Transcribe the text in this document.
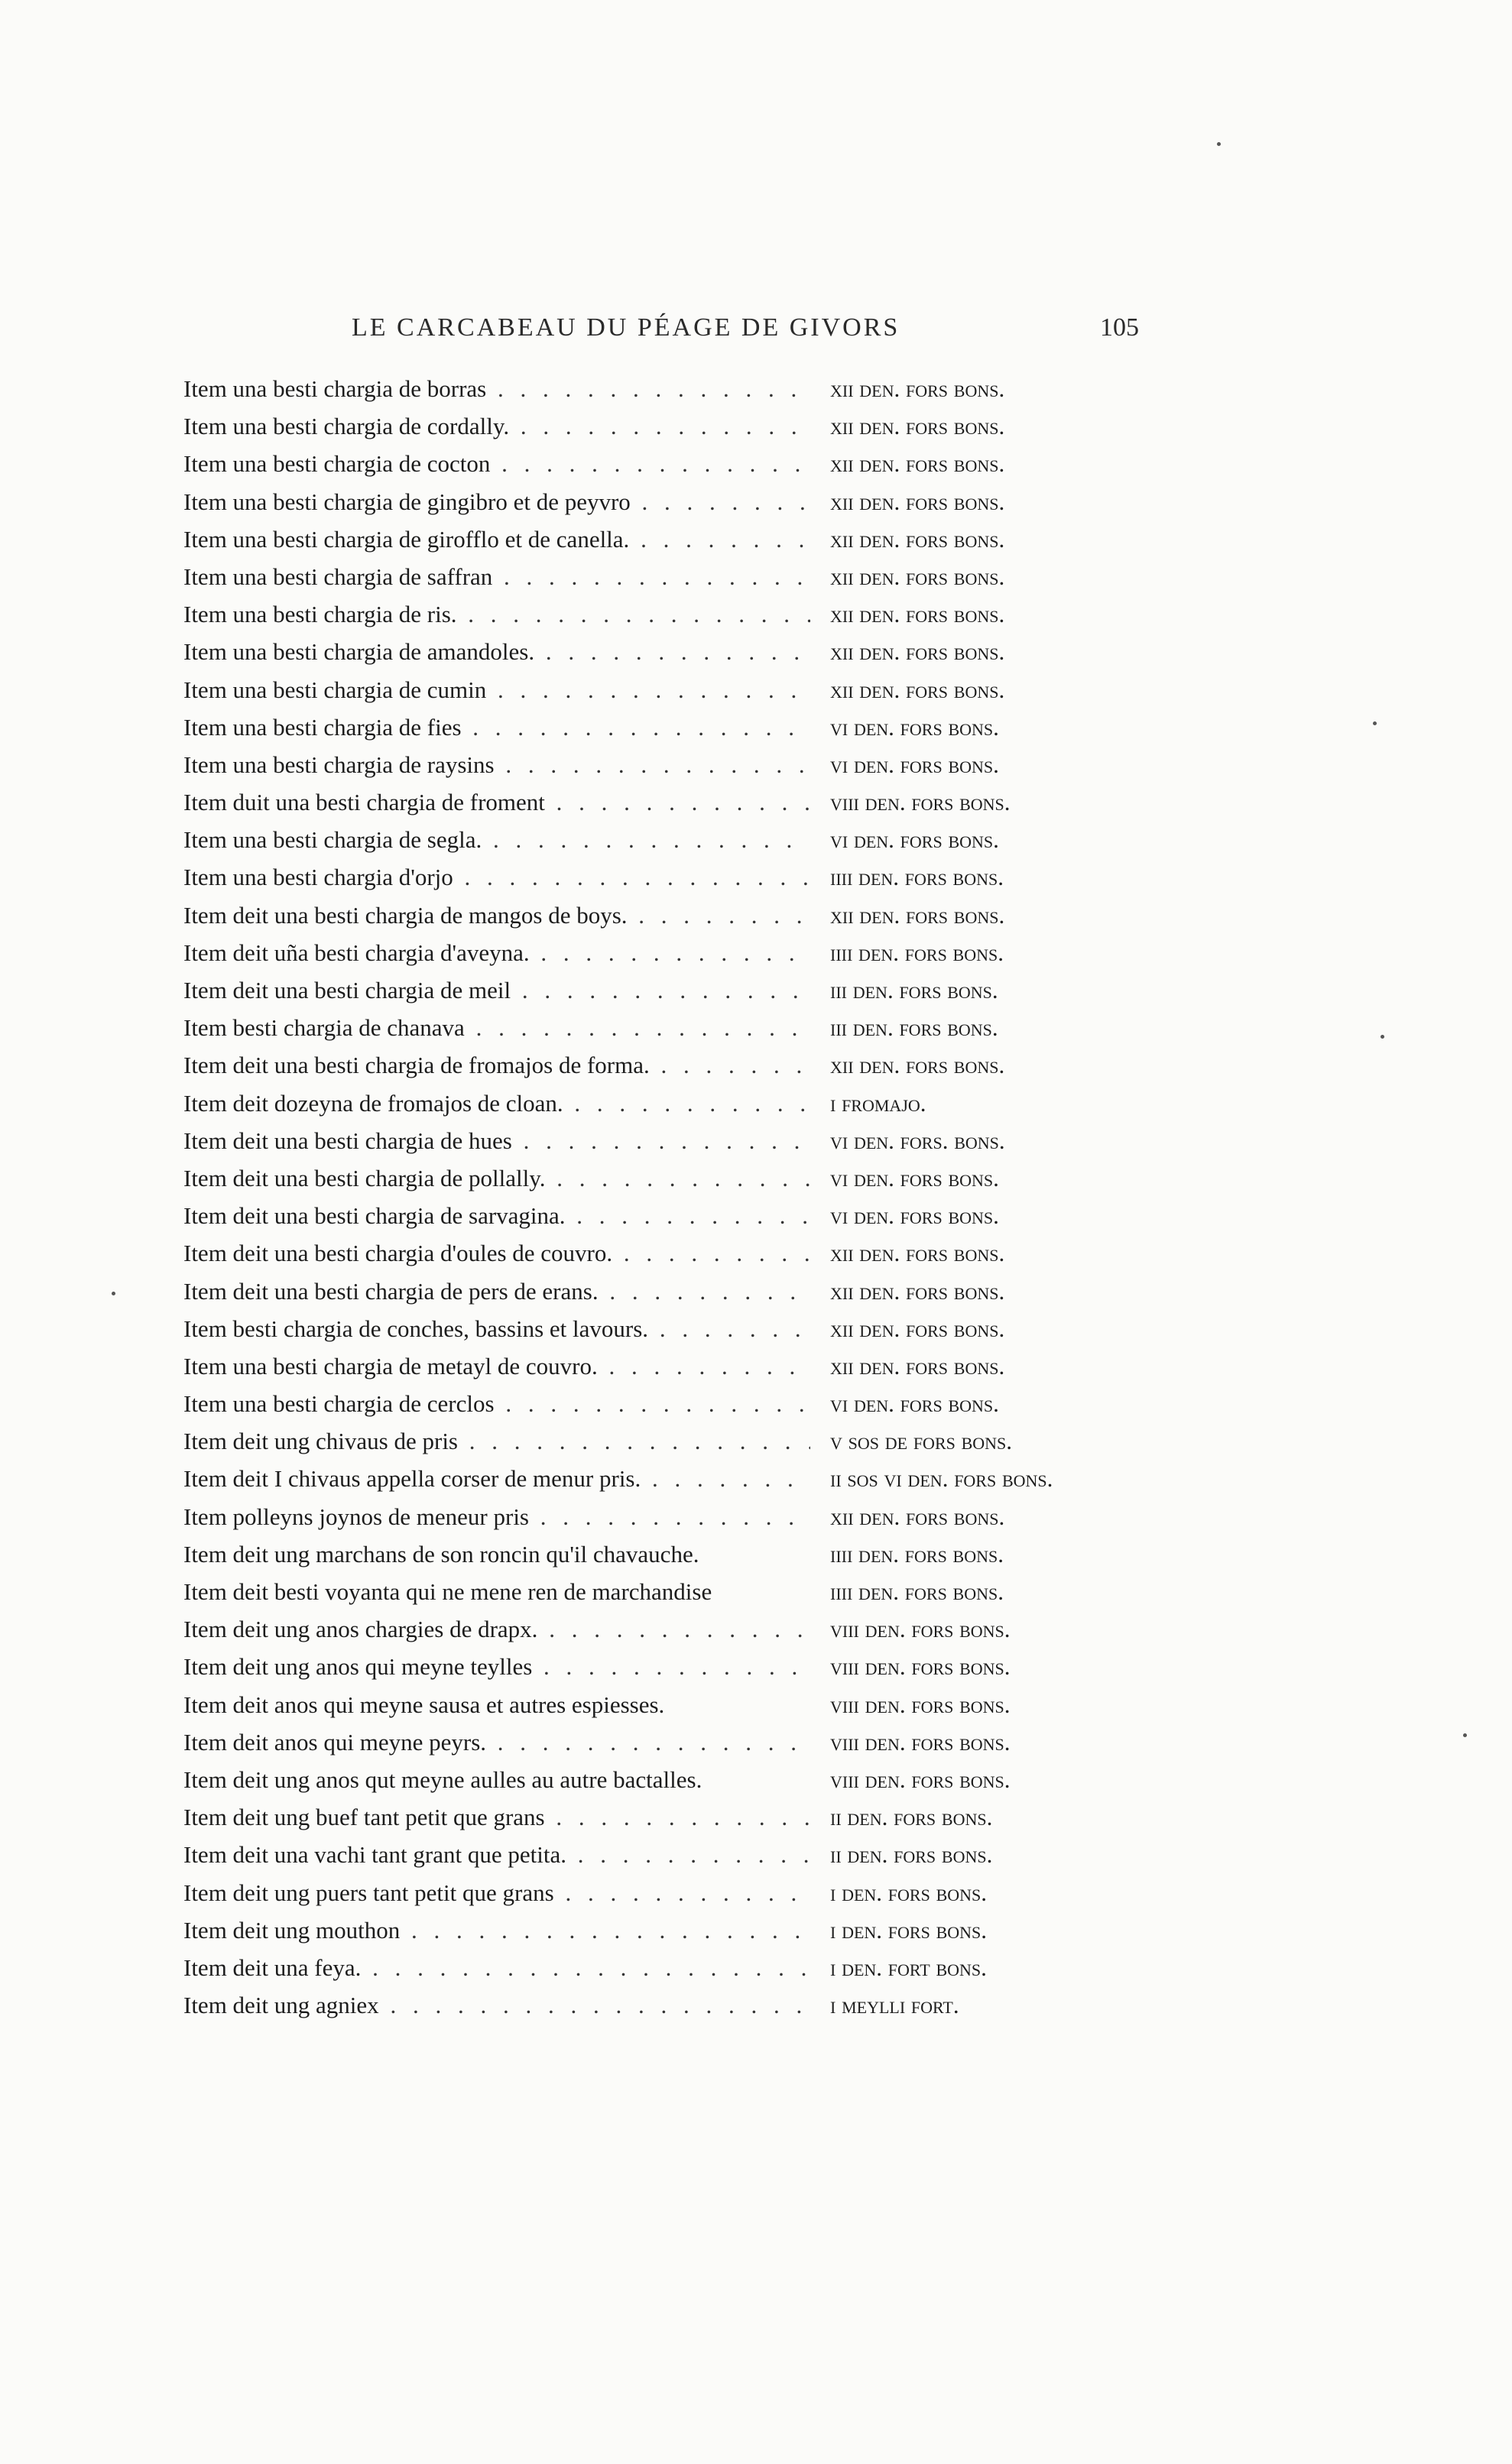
LE CARCABEAU DU PÉAGE DE GIVORS	105
Item una besti chargia de borras . . .	xii den. fors bons.
Item una besti chargia de cordally. . . .	xii den. fors bons.
Item una besti chargia de cocton . . .	xii den. fors bons.
Item una besti chargia de gingibro et de peyvro . . .	xii den. fors bons.
Item una besti chargia de girofflo et de canella. . . .	xii den. fors bons.
Item una besti chargia de saffran . . .	xii den. fors bons.
Item una besti chargia de ris. . . .	xii den. fors bons.
Item una besti chargia de amandoles. . . .	xii den. fors bons.
Item una besti chargia de cumin . . .	xii den. fors bons.
Item una besti chargia de fies . . .	vi den. fors bons.
Item una besti chargia de raysins . . .	vi den. fors bons.
Item duit una besti chargia de froment . . .	viii den. fors bons.
Item una besti chargia de segla. . . .	vi den. fors bons.
Item una besti chargia d'orjo . . .	iiii den. fors bons.
Item deit una besti chargia de mangos de boys. . . .	xii den. fors bons.
Item deit uña besti chargia d'aveyna. . . .	iiii den. fors bons.
Item deit una besti chargia de meil . . .	iii den. fors bons.
Item besti chargia de chanava . . .	iii den. fors bons.
Item deit una besti chargia de fromajos de forma. . . .	xii den. fors bons.
Item deit dozeyna de fromajos de cloan. . . .	i fromajo.
Item deit una besti chargia de hues . . .	vi den. fors. bons.
Item deit una besti chargia de pollally. . . .	vi den. fors bons.
Item deit una besti chargia de sarvagina. . . .	vi den. fors bons.
Item deit una besti chargia d'oules de couvro. . . .	xii den. fors bons.
Item deit una besti chargia de pers de erans. . . .	xii den. fors bons.
Item besti chargia de conches, bassins et lavours. . . .	xii den. fors bons.
Item una besti chargia de metayl de couvro. . . .	xii den. fors bons.
Item una besti chargia de cerclos . . .	vi den. fors bons.
Item deit ung chivaus de pris . . .	v sos de fors bons.
Item deit I chivaus appella corser de menur pris. . . .	ii sos vi den. fors bons.
Item polleyns joynos de meneur pris . . .	xii den. fors bons.
Item deit ung marchans de son roncin qu'il chavauche.	iiii den. fors bons.
Item deit besti voyanta qui ne mene ren de marchandise	iiii den. fors bons.
Item deit ung anos chargies de drapx. . . .	viii den. fors bons.
Item deit ung anos qui meyne teylles . . .	viii den. fors bons.
Item deit anos qui meyne sausa et autres espiesses.	viii den. fors bons.
Item deit anos qui meyne peyrs. . . .	viii den. fors bons.
Item deit ung anos qut meyne aulles au autre bactalles.	viii den. fors bons.
Item deit ung buef tant petit que grans . . .	ii den. fors bons.
Item deit una vachi tant grant que petita. . . .	ii den. fors bons.
Item deit ung puers tant petit que grans . . .	i den. fors bons.
Item deit ung mouthon . . .	i den. fors bons.
Item deit una feya. . . .	i den. fort bons.
Item deit ung agniex . . .	i meylli fort.
